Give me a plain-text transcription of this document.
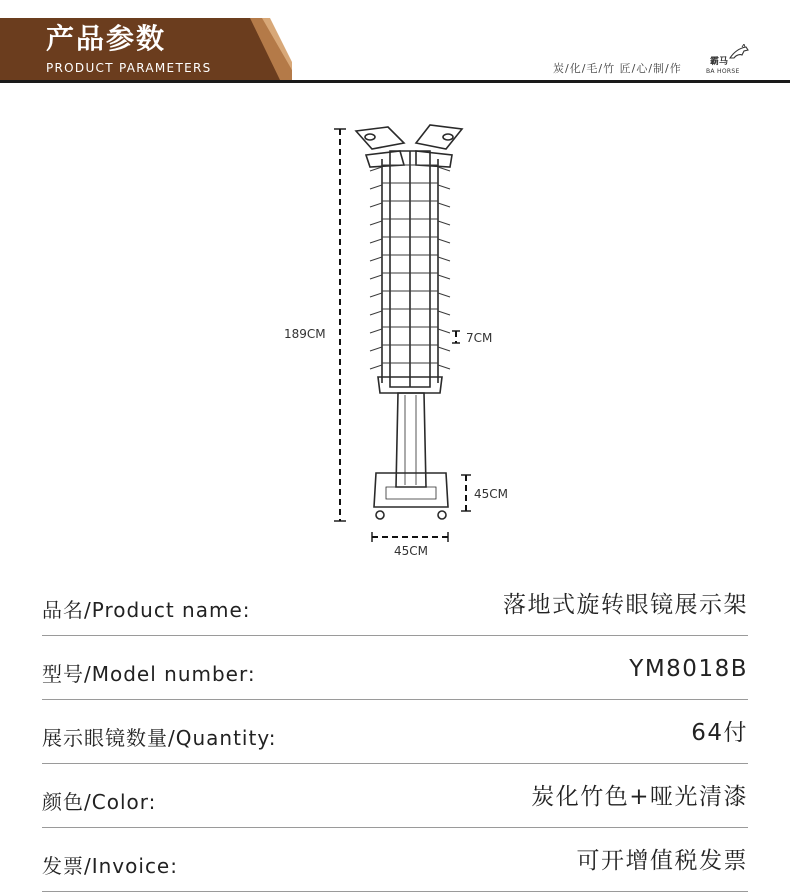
产品参数
PRODUCT PARAMETERS	炭/化/毛/竹 匠/心/制/作	霸马
BA HORSE
189CM	7CM
45CM
45CM
品名/Product name:	落地式旋转眼镜展示架
型号/Model number:	YM8018B
展示眼镜数量/Quantity:	64付
颜色/Color:	炭化竹色+哑光清漆
发票/Invoice:	可开增值税发票
